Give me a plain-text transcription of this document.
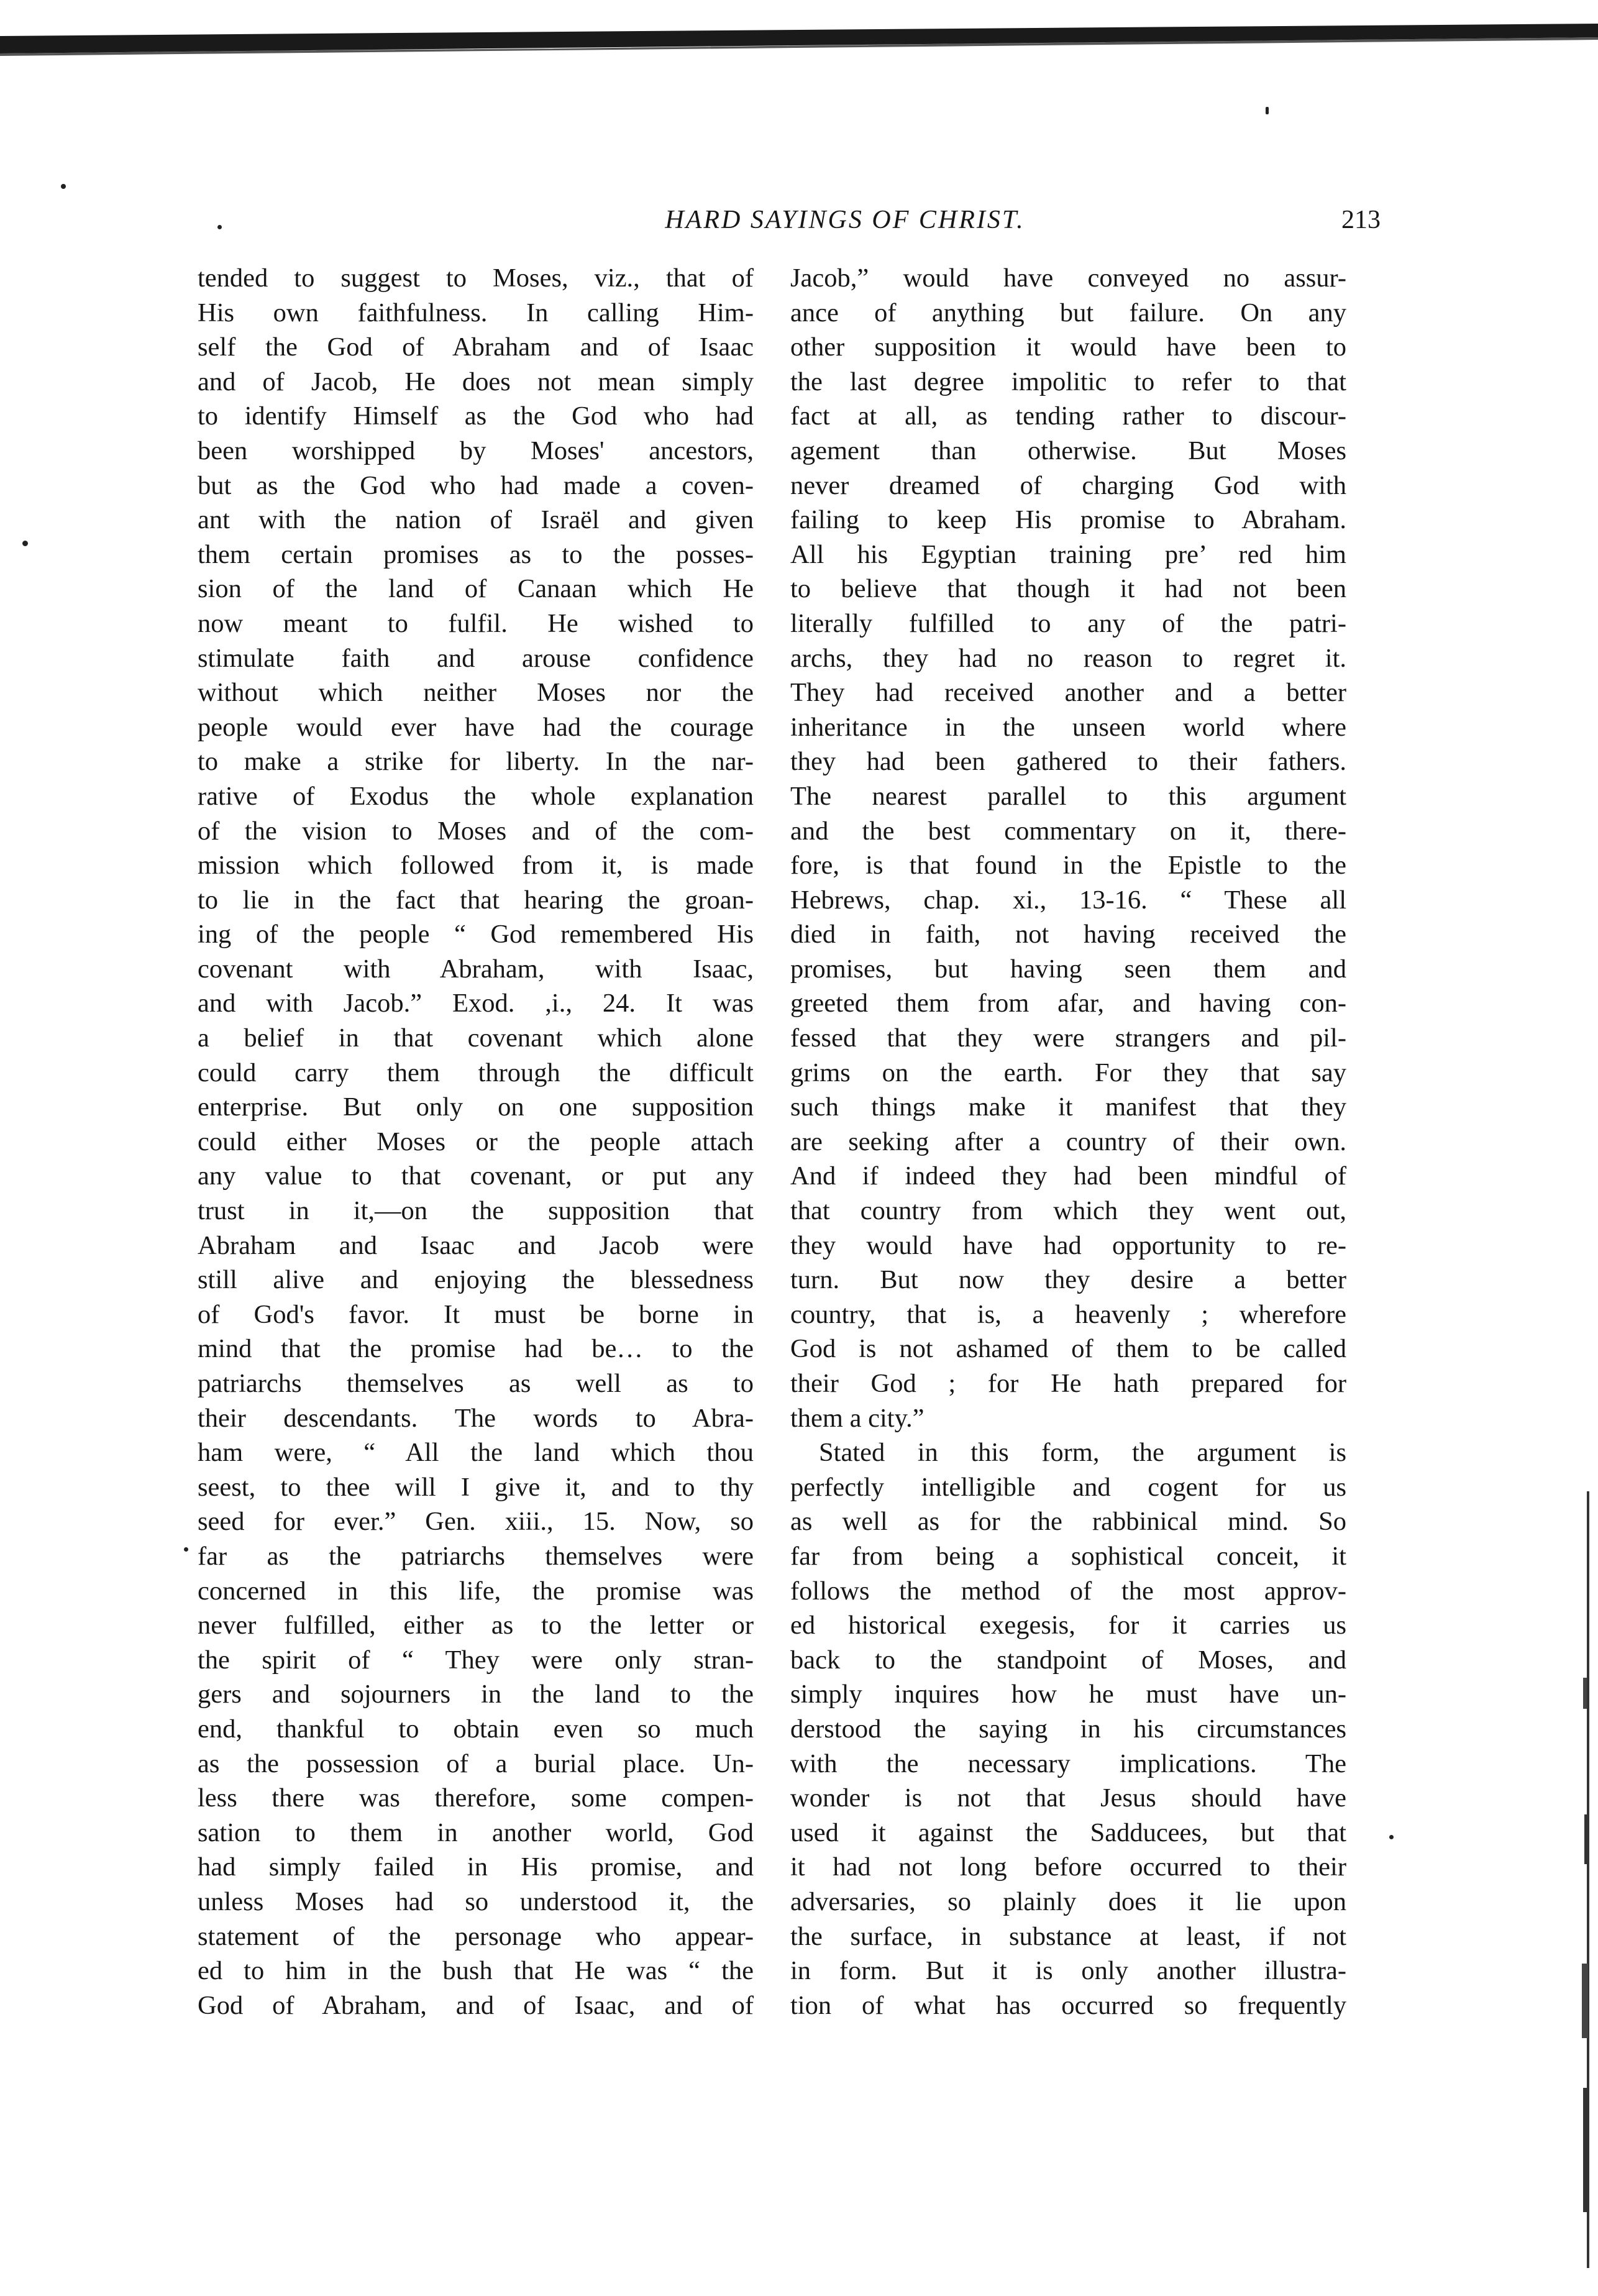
HARD SAYINGS OF CHRIST.	213
tended to suggest to Moses, viz., that of
His own faithfulness. In calling Him-
self the God of Abraham and of Isaac
and of Jacob, He does not mean simply
to identify Himself as the God who had
been worshipped by Moses' ancestors,
but as the God who had made a coven-
ant with the nation of Israël and given
them certain promises as to the posses-
sion of the land of Canaan which He
now meant to fulfil. He wished to
stimulate faith and arouse confidence
without which neither Moses nor the
people would ever have had the courage
to make a strike for liberty. In the nar-
rative of Exodus the whole explanation
of the vision to Moses and of the com-
mission which followed from it, is made
to lie in the fact that hearing the groan-
ing of the people “ God remembered His
covenant with Abraham, with Isaac,
and with Jacob.” Exod. ,i., 24. It was
a belief in that covenant which alone
could carry them through the difficult
enterprise. But only on one supposition
could either Moses or the people attach
any value to that covenant, or put any
trust in it,—on the supposition that
Abraham and Isaac and Jacob were
still alive and enjoying the blessedness
of God's favor. It must be borne in
mind that the promise had be… to the
patriarchs themselves as well as to
their descendants. The words to Abra-
ham were, “ All the land which thou
seest, to thee will I give it, and to thy
seed for ever.” Gen. xiii., 15. Now, so
far as the patriarchs themselves were
concerned in this life, the promise was
never fulfilled, either as to the letter or
the spirit of “ They were only stran-
gers and sojourners in the land to the
end, thankful to obtain even so much
as the possession of a burial place. Un-
less there was therefore, some compen-
sation to them in another world, God
had simply failed in His promise, and
unless Moses had so understood it, the
statement of the personage who appear-
ed to him in the bush that He was “ the
God of Abraham, and of Isaac, and of
Jacob,” would have conveyed no assur-
ance of anything but failure. On any
other supposition it would have been to
the last degree impolitic to refer to that
fact at all, as tending rather to discour-
agement than otherwise. But Moses
never dreamed of charging God with
failing to keep His promise to Abraham.
All his Egyptian training pre’ red him
to believe that though it had not been
literally fulfilled to any of the patri-
archs, they had no reason to regret it.
They had received another and a better
inheritance in the unseen world where
they had been gathered to their fathers.
The nearest parallel to this argument
and the best commentary on it, there-
fore, is that found in the Epistle to the
Hebrews, chap. xi., 13-16. “ These all
died in faith, not having received the
promises, but having seen them and
greeted them from afar, and having con-
fessed that they were strangers and pil-
grims on the earth. For they that say
such things make it manifest that they
are seeking after a country of their own.
And if indeed they had been mindful of
that country from which they went out,
they would have had opportunity to re-
turn. But now they desire a better
country, that is, a heavenly ; wherefore
God is not ashamed of them to be called
their God ; for He hath prepared for
them a city.”
Stated in this form, the argument is
perfectly intelligible and cogent for us
as well as for the rabbinical mind. So
far from being a sophistical conceit, it
follows the method of the most approv-
ed historical exegesis, for it carries us
back to the standpoint of Moses, and
simply inquires how he must have un-
derstood the saying in his circumstances
with the necessary implications. The
wonder is not that Jesus should have
used it against the Sadducees, but that
it had not long before occurred to their
adversaries, so plainly does it lie upon
the surface, in substance at least, if not
in form. But it is only another illustra-
tion of what has occurred so frequently
